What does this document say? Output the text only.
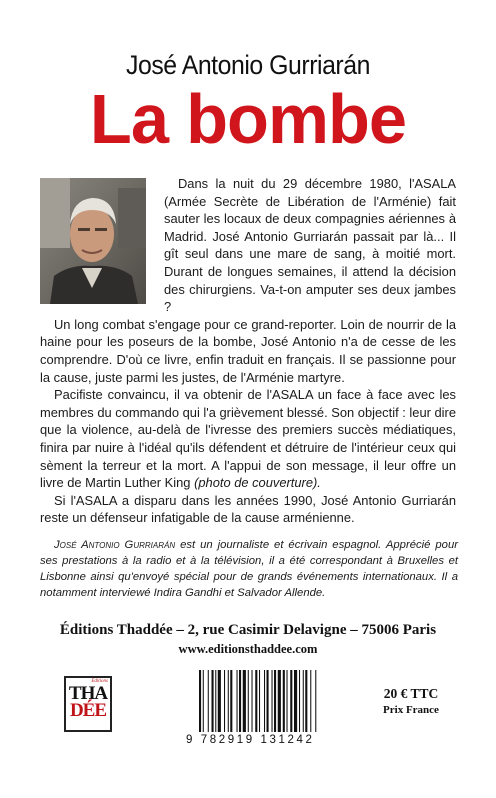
José Antonio Gurriarán
La bombe

Dans la nuit du 29 décembre 1980, l'ASALA (Armée Secrète de Libération de l'Arménie) fait sauter les locaux de deux compagnies aériennes à Madrid. José Antonio Gurriarán passait par là... Il gît seul dans une mare de sang, à moitié mort. Durant de longues semaines, il attend la décision des chirurgiens. Va-t-on amputer ses deux jambes ?

Un long combat s'engage pour ce grand-reporter. Loin de nourrir de la haine pour les poseurs de la bombe, José Antonio n'a de cesse de les comprendre. D'où ce livre, enfin traduit en français. Il se passionne pour la cause, juste parmi les justes, de l'Arménie martyre.

Pacifiste convaincu, il va obtenir de l'ASALA un face à face avec les membres du commando qui l'a grièvement blessé. Son objectif : leur dire que la violence, au-delà de l'ivresse des premiers succès médiatiques, finira par nuire à l'idéal qu'ils défendent et détruire de l'intérieur ceux qui sèment la terreur et la mort. A l'appui de son message, il leur offre un livre de Martin Luther King (photo de couverture).

Si l'ASALA a disparu dans les années 1990, José Antonio Gurriarán reste un défenseur infatigable de la cause arménienne.

José Antonio Gurriarán est un journaliste et écrivain espagnol. Apprécié pour ses prestations à la radio et à la télévision, il a été correspondant à Bruxelles et Lisbonne ainsi qu'envoyé spécial pour de grands événements internationaux. Il a notamment interviewé Indira Gandhi et Salvador Allende.
Éditions Thaddée – 2, rue Casimir Delavigne – 75006 Paris
www.editionsthaddee.com
Éditions
THA
DÉE
9 782919 131242
20 € TTC
Prix France
